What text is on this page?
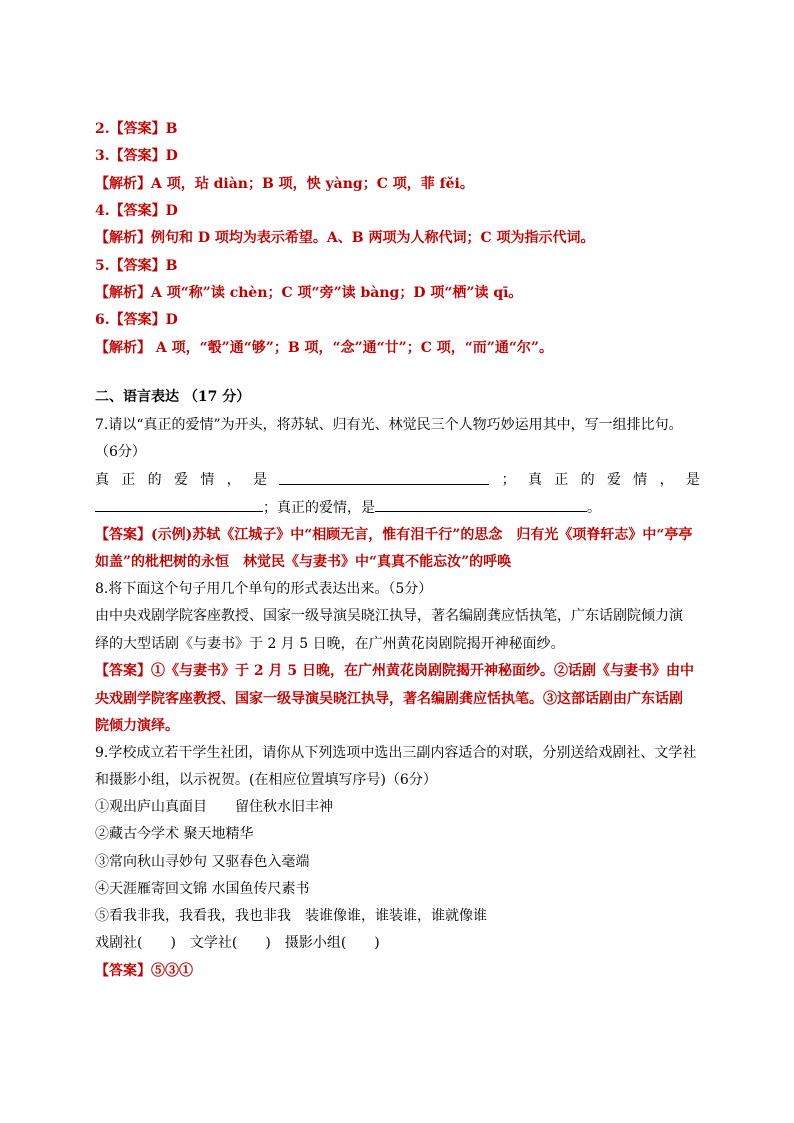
2.【答案】B
3.【答案】D
【解析】A 项，玷 diàn；B 项，怏 yàng；C 项，菲 fěi。
4.【答案】D
【解析】例句和 D 项均为表示希望。A、B 两项为人称代词；C 项为指示代词。
5.【答案】B
【解析】A 项“称”读 chèn；C 项“旁”读 bàng；D 项“栖”读 qī。
6.【答案】D
【解析】 A 项，“彀”通“够”；B 项，“念”通“廿”；C 项，“而”通“尔”。
二、语言表达 （17 分）
7.请以“真正的爱情”为开头，将苏轼、归有光、林觉民三个人物巧妙运用其中，写一组排比句。
（6分）
真 正 的 爱 情 ， 是	； 真 正 的 爱 情 ， 是
；真正的爱情，是	。
【答案】(示例)苏轼《江城子》中“相顾无言，惟有泪千行”的思念　归有光《项脊轩志》中“亭亭
如盖”的枇杷树的永恒　林觉民《与妻书》中“真真不能忘汝”的呼唤
8.将下面这个句子用几个单句的形式表达出来。（5分）
由中央戏剧学院客座教授、国家一级导演吴晓江执导，著名编剧龚应恬执笔，广东话剧院倾力演
绎的大型话剧《与妻书》于 2 月 5 日晚，在广州黄花岗剧院揭开神秘面纱。
【答案】①《与妻书》于 2 月 5 日晚，在广州黄花岗剧院揭开神秘面纱。②话剧《与妻书》由中
央戏剧学院客座教授、国家一级导演吴晓江执导，著名编剧龚应恬执笔。③这部话剧由广东话剧
院倾力演绎。
9.学校成立若干学生社团，请你从下列选项中选出三副内容适合的对联，分别送给戏剧社、文学社
和摄影小组，以示祝贺。(在相应位置填写序号)（6分）
①观出庐山真面目　　留住秋水旧丰神
②藏古今学术 聚天地精华
③常向秋山寻妙句 又驱春色入毫端
④天涯雁寄回文锦 水国鱼传尺素书
⑤看我非我，我看我，我也非我　装谁像谁，谁装谁，谁就像谁
戏剧社(　　)　文学社(　　)　摄影小组(　　)
【答案】⑤③①
